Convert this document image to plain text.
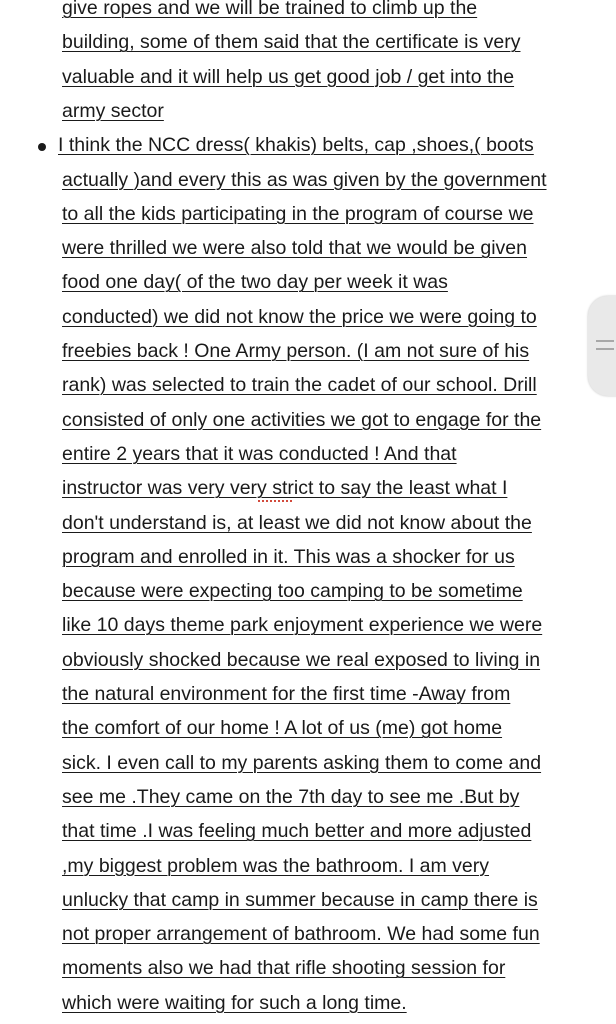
give ropes and we will be trained to climb up the
building, some of them said that the certificate is very
valuable and it will help us get good job / get into the
army sector
I think the NCC dress( khakis) belts, cap ,shoes,( boots
actually )and every this as was given by the government
to all the kids participating in the program of course we
were thrilled we were also told that we would be given
food one day( of the two day per week it was
conducted) we did not know the price we were going to
freebies back ! One Army person. (I am not sure of his
rank) was selected to train the cadet of our school. Drill
consisted of only one activities we got to engage for the
entire 2 years that it was conducted ! And that
instructor was very very strict to say the least what I
don't understand is, at least we did not know about the
program and enrolled in it. This was a shocker for us
because were expecting too camping to be sometime
like 10 days theme park enjoyment experience we were
obviously shocked because we real exposed to living in
the natural environment for the first time -Away from
the comfort of our home ! A lot of us (me) got home
sick. I even call to my parents asking them to come and
see me .They came on the 7th day to see me .But by
that time .I was feeling much better and more adjusted
,my biggest problem was the bathroom. I am very
unlucky that camp in summer because in camp there is
not proper arrangement of bathroom. We had some fun
moments also we had that rifle shooting session for
which were waiting for such a long time.
